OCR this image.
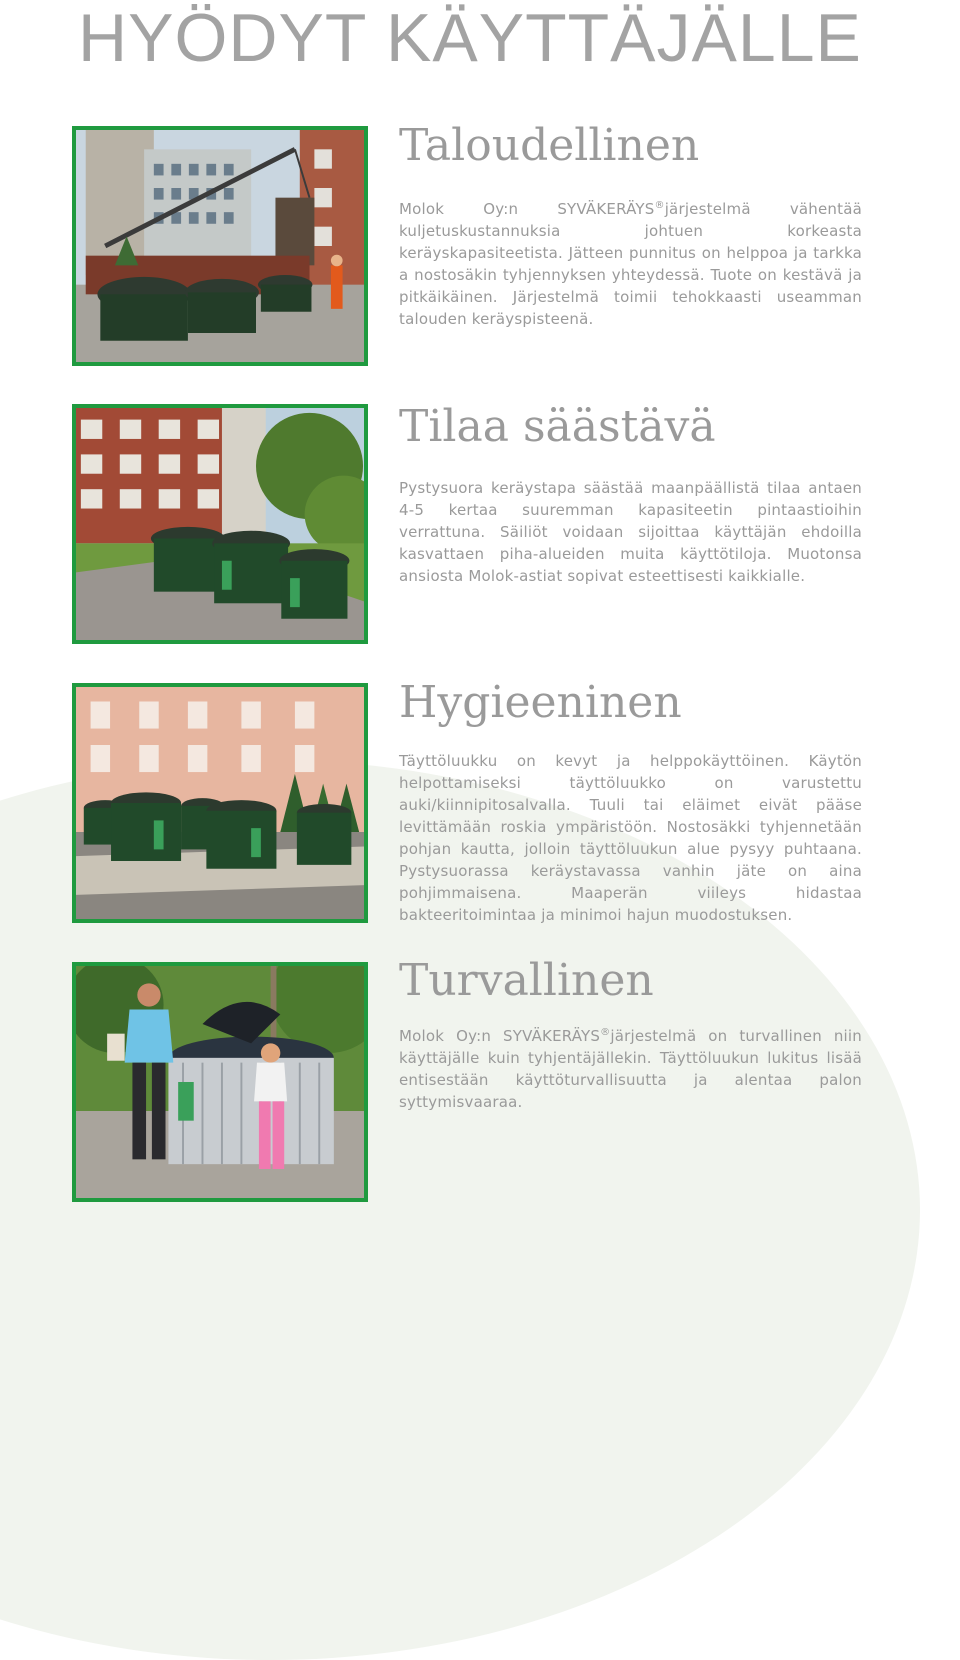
HYÖDYT KÄYTTÄJÄLLE
Taloudellinen

Molok Oy:n SYVÄKERÄYS®järjestelmä vähentää kuljetuskustannuksia johtuen korkeasta keräyskapasiteetista. Jätteen punnitus on helppoa ja tarkka a nostosäkin tyhjennyksen yhteydessä. Tuote on kestävä ja pitkäikäinen. Järjestelmä toimii tehokkaasti useamman talouden keräyspisteenä.

Tilaa säästävä

Pystysuora keräystapa säästää maanpäällistä tilaa antaen 4-5 kertaa suuremman kapasiteetin pintaastioihin verrattuna. Säiliöt voidaan sijoittaa käyttäjän ehdoilla kasvattaen piha-alueiden muita käyttötiloja. Muotonsa ansiosta Molok-astiat sopivat esteettisesti kaikkialle.

Hygieeninen

Täyttöluukku on kevyt ja helppokäyttöinen. Käytön helpottamiseksi täyttöluukko on varustettu auki/kiinnipitosalvalla. Tuuli tai eläimet eivät pääse levittämään roskia ympäristöön. Nostosäkki tyhjennetään pohjan kautta, jolloin täyttöluukun alue pysyy puhtaana. Pystysuorassa keräystavassa vanhin jäte on aina pohjimmaisena. Maaperän viileys hidastaa bakteeritoimintaa ja minimoi hajun muodostuksen.

Turvallinen

Molok Oy:n SYVÄKERÄYS®järjestelmä on turvallinen niin käyttäjälle kuin tyhjentäjällekin. Täyttöluukun lukitus lisää entisestään käyttöturvallisuutta ja alentaa palon syttymisvaaraa.
